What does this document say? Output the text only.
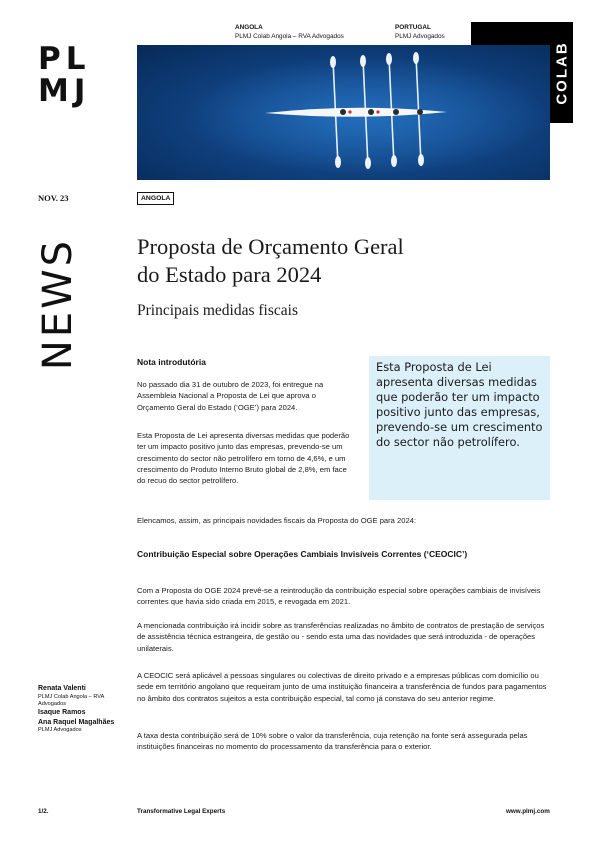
PL
MJ
ANGOLA
PLMJ Colab Angola – RVA Advogados
PORTUGAL
PLMJ Advogados
COLAB
NOV. 23	ANGOLA
NEWS Proposta de Orçamento Geral
do Estado para 2024
Principais medidas fiscais
Nota introdutória
No passado dia 31 de outubro de 2023, foi entregue na Assembleia Nacional a Proposta de Lei que aprova o Orçamento Geral do Estado (‘OGE’) para 2024.
Esta Proposta de Lei apresenta diversas medidas que poderão ter um impacto positivo junto das empresas, prevendo-se um crescimento do sector não petrolífero em torno de 4,6%, e um crescimento do Produto Interno Bruto global de 2,8%, em face do recuo do sector petrolífero.
Esta Proposta de Lei apresenta diversas medidas que poderão ter um impacto positivo junto das empresas, prevendo-se um crescimento do sector não petrolífero.
Elencamos, assim, as principais novidades fiscais da Proposta do OGE para 2024:
Contribuição Especial sobre Operações Cambiais Invisíveis Correntes (‘CEOCIC’)
Com a Proposta do OGE 2024 prevê-se a reintrodução da contribuição especial sobre operações cambiais de invisíveis correntes que havia sido criada em 2015, e revogada em 2021.
A mencionada contribuição irá incidir sobre as transferências realizadas no âmbito de contratos de prestação de serviços de assistência técnica estrangeira, de gestão ou - sendo esta uma das novidades que será introduzida - de operações unilaterais.
A CEOCIC será aplicável a pessoas singulares ou colectivas de direito privado e a empresas públicas com domicílio ou sede em território angolano que requeiram junto de uma instituição financeira a transferência de fundos para pagamentos no âmbito dos contratos sujeitos a esta contribuição especial, tal como já constava do seu anterior regime.
A taxa desta contribuição será de 10% sobre o valor da transferência, cuja retenção na fonte será assegurada pelas instituições financeiras no momento do processamento da transferência para o exterior.
Renata Valenti
PLMJ Colab Angola – RVA Advogados
Isaque Ramos
Ana Raquel Magalhães
PLMJ Advogados
1/2.	Transformative Legal Experts	www.plmj.com
